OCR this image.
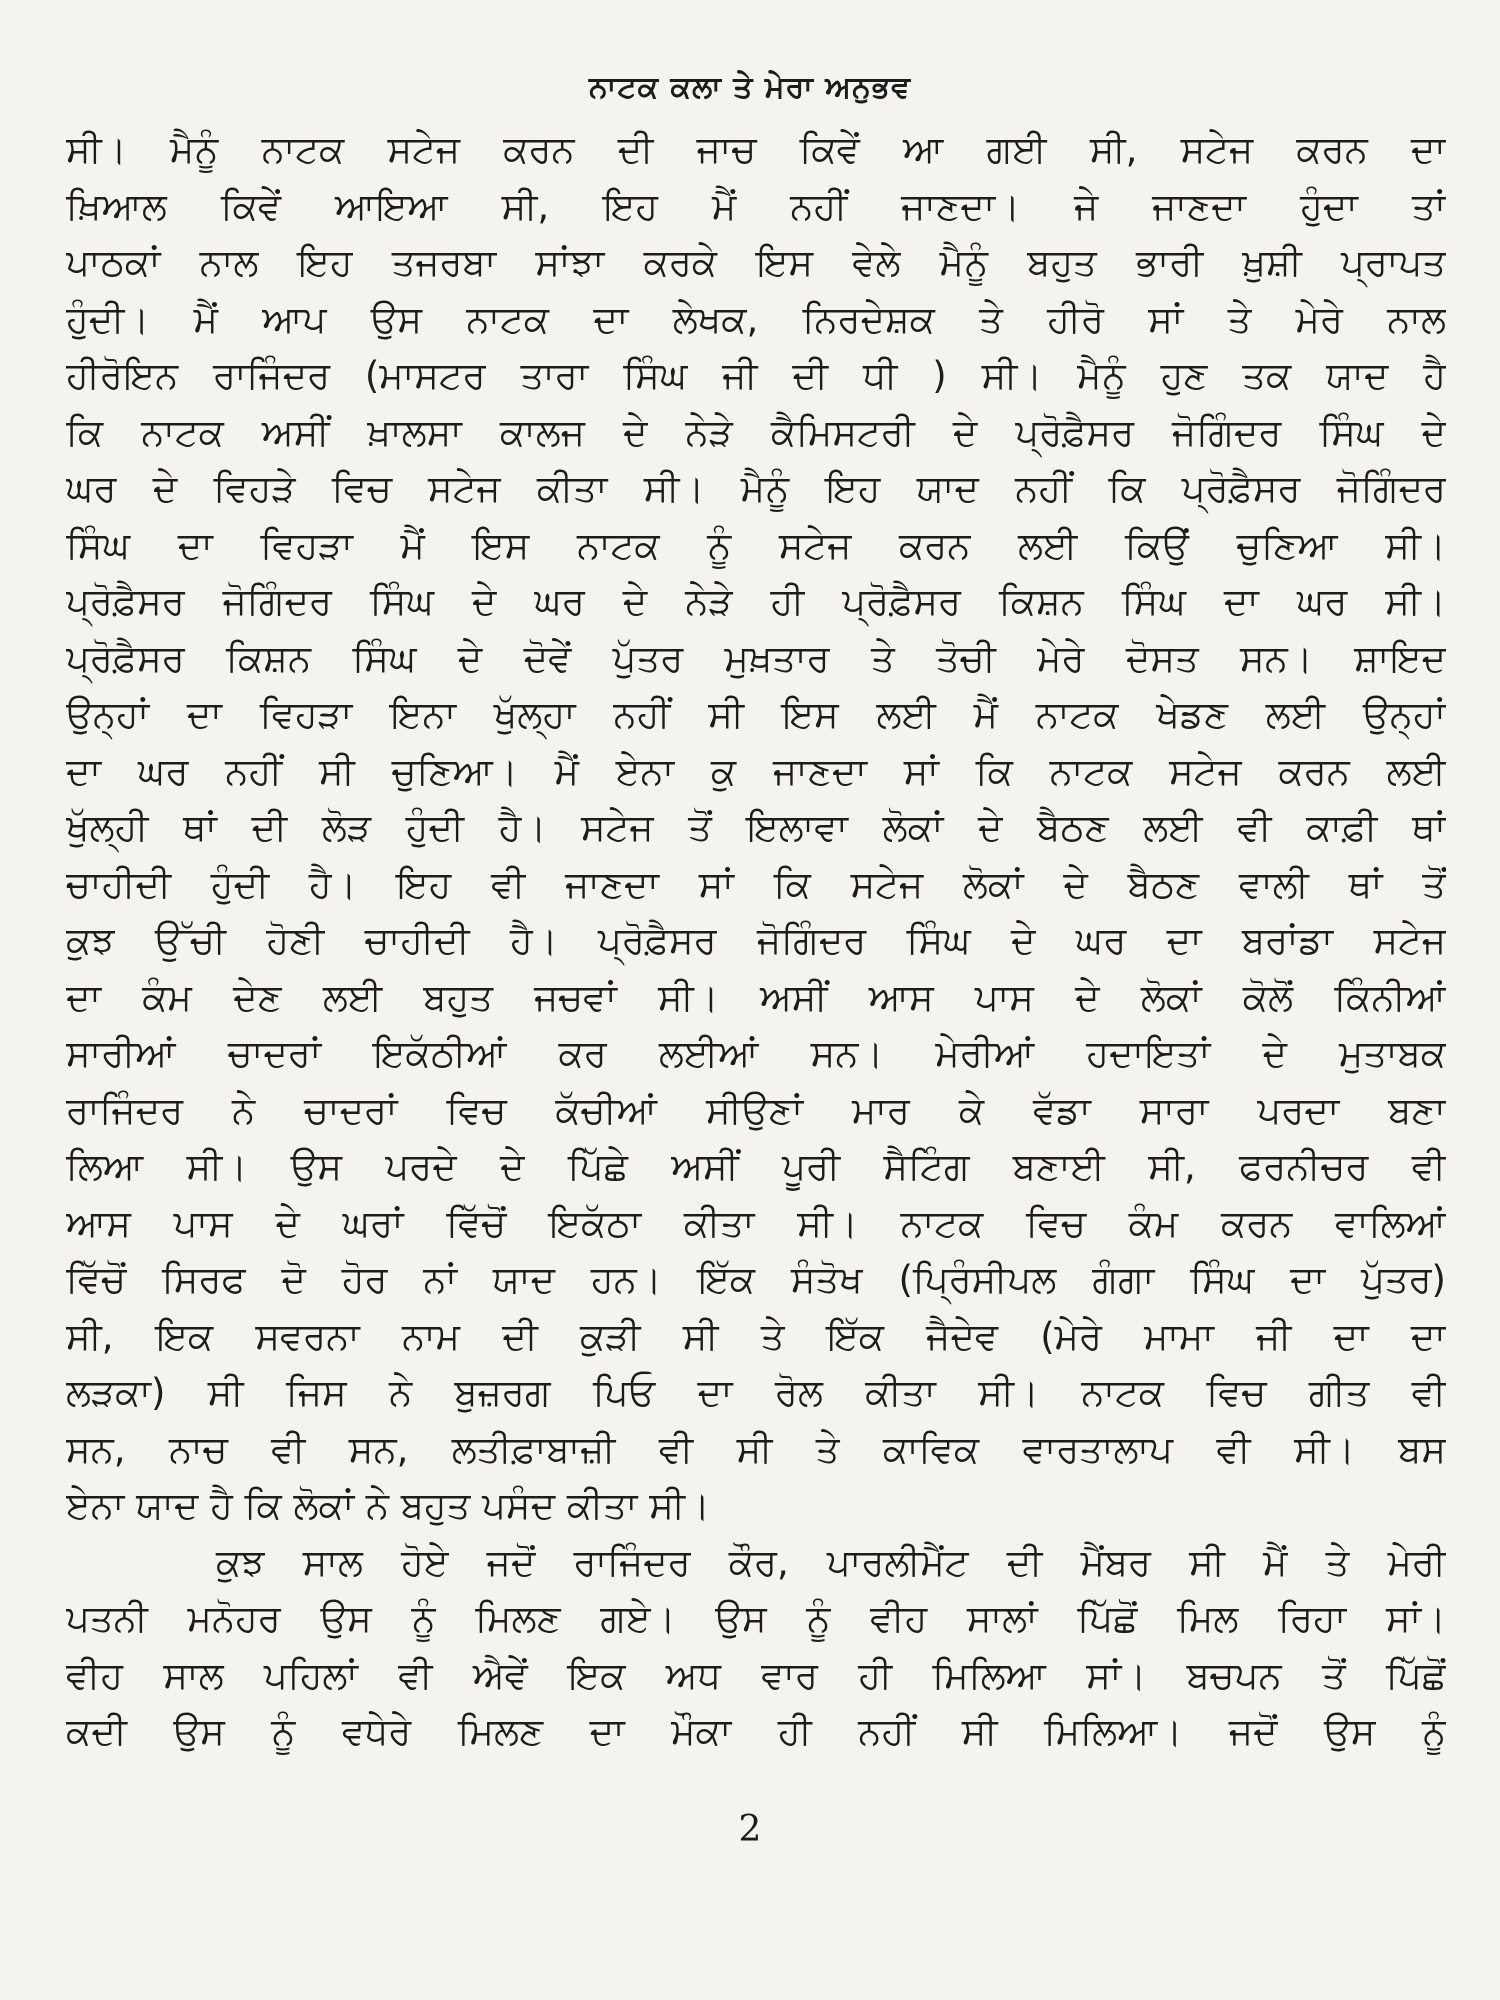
ਨਾਟਕ ਕਲਾ ਤੇ ਮੇਰਾ ਅਨੁਭਵ
ਸੀ। ਮੈਨੂੰ ਨਾਟਕ ਸਟੇਜ ਕਰਨ ਦੀ ਜਾਚ ਕਿਵੇਂ ਆ ਗਈ ਸੀ, ਸਟੇਜ ਕਰਨ ਦਾ
ਖ਼ਿਆਲ ਕਿਵੇਂ ਆਇਆ ਸੀ, ਇਹ ਮੈਂ ਨਹੀਂ ਜਾਣਦਾ। ਜੇ ਜਾਣਦਾ ਹੁੰਦਾ ਤਾਂ
ਪਾਠਕਾਂ ਨਾਲ ਇਹ ਤਜਰਬਾ ਸਾਂਝਾ ਕਰਕੇ ਇਸ ਵੇਲੇ ਮੈਨੂੰ ਬਹੁਤ ਭਾਰੀ ਖ਼ੁਸ਼ੀ ਪ੍ਰਾਪਤ
ਹੁੰਦੀ। ਮੈਂ ਆਪ ਉਸ ਨਾਟਕ ਦਾ ਲੇਖਕ, ਨਿਰਦੇਸ਼ਕ ਤੇ ਹੀਰੋ ਸਾਂ ਤੇ ਮੇਰੇ ਨਾਲ
ਹੀਰੋਇਨ ਰਾਜਿੰਦਰ (ਮਾਸਟਰ ਤਾਰਾ ਸਿੰਘ ਜੀ ਦੀ ਧੀ ) ਸੀ। ਮੈਨੂੰ ਹੁਣ ਤਕ ਯਾਦ ਹੈ
ਕਿ ਨਾਟਕ ਅਸੀਂ ਖ਼ਾਲਸਾ ਕਾਲਜ ਦੇ ਨੇੜੇ ਕੈਮਿਸਟਰੀ ਦੇ ਪ੍ਰੋਫ਼ੈਸਰ ਜੋਗਿੰਦਰ ਸਿੰਘ ਦੇ
ਘਰ ਦੇ ਵਿਹੜੇ ਵਿਚ ਸਟੇਜ ਕੀਤਾ ਸੀ। ਮੈਨੂੰ ਇਹ ਯਾਦ ਨਹੀਂ ਕਿ ਪ੍ਰੋਫ਼ੈਸਰ ਜੋਗਿੰਦਰ
ਸਿੰਘ ਦਾ ਵਿਹੜਾ ਮੈਂ ਇਸ ਨਾਟਕ ਨੂੰ ਸਟੇਜ ਕਰਨ ਲਈ ਕਿਉਂ ਚੁਣਿਆ ਸੀ।
ਪ੍ਰੋਫ਼ੈਸਰ ਜੋਗਿੰਦਰ ਸਿੰਘ ਦੇ ਘਰ ਦੇ ਨੇੜੇ ਹੀ ਪ੍ਰੋਫ਼ੈਸਰ ਕਿਸ਼ਨ ਸਿੰਘ ਦਾ ਘਰ ਸੀ।
ਪ੍ਰੋਫ਼ੈਸਰ ਕਿਸ਼ਨ ਸਿੰਘ ਦੇ ਦੋਵੇਂ ਪੁੱਤਰ ਮੁਖ਼ਤਾਰ ਤੇ ਤੋਚੀ ਮੇਰੇ ਦੋਸਤ ਸਨ। ਸ਼ਾਇਦ
ਉਨ੍ਹਾਂ ਦਾ ਵਿਹੜਾ ਇਨਾ ਖੁੱਲ੍ਹਾ ਨਹੀਂ ਸੀ ਇਸ ਲਈ ਮੈਂ ਨਾਟਕ ਖੇਡਣ ਲਈ ਉਨ੍ਹਾਂ
ਦਾ ਘਰ ਨਹੀਂ ਸੀ ਚੁਣਿਆ। ਮੈਂ ਏਨਾ ਕੁ ਜਾਣਦਾ ਸਾਂ ਕਿ ਨਾਟਕ ਸਟੇਜ ਕਰਨ ਲਈ
ਖੁੱਲ੍ਹੀ ਥਾਂ ਦੀ ਲੋੜ ਹੁੰਦੀ ਹੈ। ਸਟੇਜ ਤੋਂ ਇਲਾਵਾ ਲੋਕਾਂ ਦੇ ਬੈਠਣ ਲਈ ਵੀ ਕਾਫ਼ੀ ਥਾਂ
ਚਾਹੀਦੀ ਹੁੰਦੀ ਹੈ। ਇਹ ਵੀ ਜਾਣਦਾ ਸਾਂ ਕਿ ਸਟੇਜ ਲੋਕਾਂ ਦੇ ਬੈਠਣ ਵਾਲੀ ਥਾਂ ਤੋਂ
ਕੁਝ ਉੱਚੀ ਹੋਣੀ ਚਾਹੀਦੀ ਹੈ। ਪ੍ਰੋਫ਼ੈਸਰ ਜੋਗਿੰਦਰ ਸਿੰਘ ਦੇ ਘਰ ਦਾ ਬਰਾਂਡਾ ਸਟੇਜ
ਦਾ ਕੰਮ ਦੇਣ ਲਈ ਬਹੁਤ ਜਚਵਾਂ ਸੀ। ਅਸੀਂ ਆਸ ਪਾਸ ਦੇ ਲੋਕਾਂ ਕੋਲੋਂ ਕਿੰਨੀਆਂ
ਸਾਰੀਆਂ ਚਾਦਰਾਂ ਇਕੱਠੀਆਂ ਕਰ ਲਈਆਂ ਸਨ। ਮੇਰੀਆਂ ਹਦਾਇਤਾਂ ਦੇ ਮੁਤਾਬਕ
ਰਾਜਿੰਦਰ ਨੇ ਚਾਦਰਾਂ ਵਿਚ ਕੱਚੀਆਂ ਸੀਉਣਾਂ ਮਾਰ ਕੇ ਵੱਡਾ ਸਾਰਾ ਪਰਦਾ ਬਣਾ
ਲਿਆ ਸੀ। ਉਸ ਪਰਦੇ ਦੇ ਪਿੱਛੇ ਅਸੀਂ ਪੂਰੀ ਸੈਟਿੰਗ ਬਣਾਈ ਸੀ, ਫਰਨੀਚਰ ਵੀ
ਆਸ ਪਾਸ ਦੇ ਘਰਾਂ ਵਿੱਚੋਂ ਇਕੱਠਾ ਕੀਤਾ ਸੀ। ਨਾਟਕ ਵਿਚ ਕੰਮ ਕਰਨ ਵਾਲਿਆਂ
ਵਿੱਚੋਂ ਸਿਰਫ ਦੋ ਹੋਰ ਨਾਂ ਯਾਦ ਹਨ। ਇੱਕ ਸੰਤੋਖ (ਪ੍ਰਿੰਸੀਪਲ ਗੰਗਾ ਸਿੰਘ ਦਾ ਪੁੱਤਰ)
ਸੀ, ਇਕ ਸਵਰਨਾ ਨਾਮ ਦੀ ਕੁੜੀ ਸੀ ਤੇ ਇੱਕ ਜੈਦੇਵ (ਮੇਰੇ ਮਾਮਾ ਜੀ ਦਾ ਦਾ
ਲੜਕਾ) ਸੀ ਜਿਸ ਨੇ ਬੁਜ਼ਰਗ ਪਿਓ ਦਾ ਰੋਲ ਕੀਤਾ ਸੀ। ਨਾਟਕ ਵਿਚ ਗੀਤ ਵੀ
ਸਨ, ਨਾਚ ਵੀ ਸਨ, ਲਤੀਫ਼ਾਬਾਜ਼ੀ ਵੀ ਸੀ ਤੇ ਕਾਵਿਕ ਵਾਰਤਾਲਾਪ ਵੀ ਸੀ। ਬਸ
ਏਨਾ ਯਾਦ ਹੈ ਕਿ ਲੋਕਾਂ ਨੇ ਬਹੁਤ ਪਸੰਦ ਕੀਤਾ ਸੀ।
ਕੁਝ ਸਾਲ ਹੋਏ ਜਦੋਂ ਰਾਜਿੰਦਰ ਕੌਰ, ਪਾਰਲੀਮੈਂਟ ਦੀ ਮੈਂਬਰ ਸੀ ਮੈਂ ਤੇ ਮੇਰੀ
ਪਤਨੀ ਮਨੋਹਰ ਉਸ ਨੂੰ ਮਿਲਣ ਗਏ। ਉਸ ਨੂੰ ਵੀਹ ਸਾਲਾਂ ਪਿੱਛੋਂ ਮਿਲ ਰਿਹਾ ਸਾਂ।
ਵੀਹ ਸਾਲ ਪਹਿਲਾਂ ਵੀ ਐਵੇਂ ਇਕ ਅਧ ਵਾਰ ਹੀ ਮਿਲਿਆ ਸਾਂ। ਬਚਪਨ ਤੋਂ ਪਿੱਛੋਂ
ਕਦੀ ਉਸ ਨੂੰ ਵਧੇਰੇ ਮਿਲਣ ਦਾ ਮੌਕਾ ਹੀ ਨਹੀਂ ਸੀ ਮਿਲਿਆ। ਜਦੋਂ ਉਸ ਨੂੰ
2
